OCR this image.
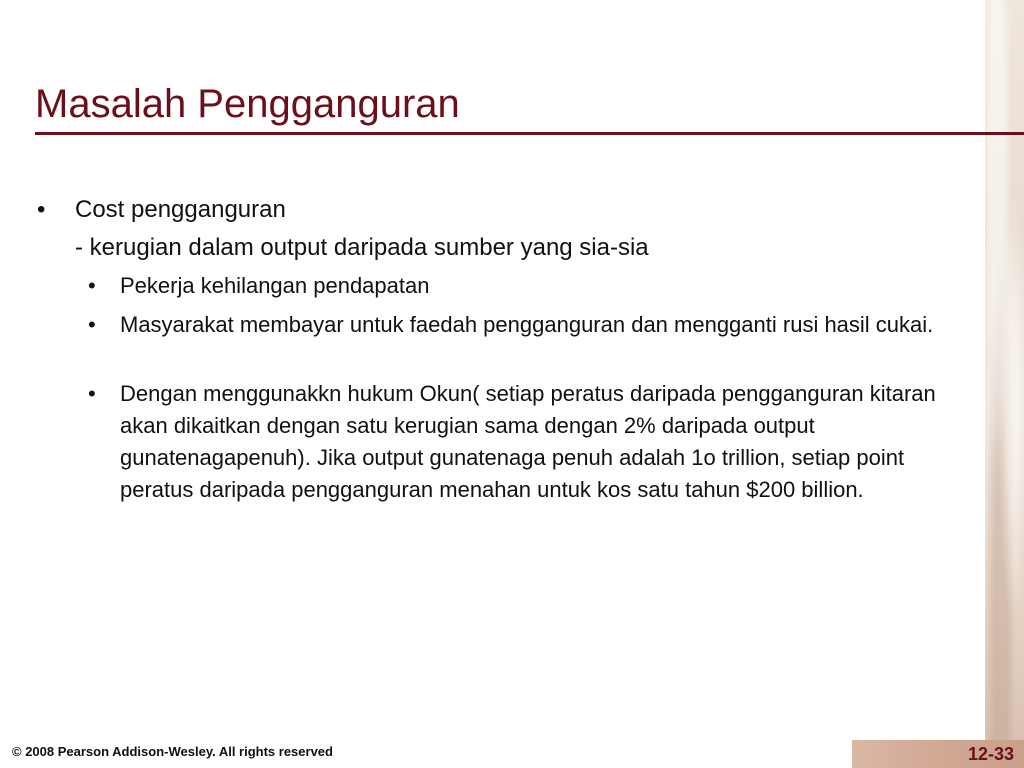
Masalah Pengganguran
• Cost pengganguran
- kerugian dalam output daripada sumber yang sia-sia
• Pekerja kehilangan pendapatan
• Masyarakat membayar untuk faedah pengganguran dan mengganti rusi hasil cukai.
• Dengan menggunakkn hukum Okun( setiap peratus daripada pengganguran kitaran akan dikaitkan dengan satu kerugian sama dengan 2% daripada output gunatenagapenuh). Jika output gunatenaga penuh adalah 1o trillion, setiap point peratus daripada pengganguran menahan untuk kos satu tahun $200 billion.
© 2008 Pearson Addison-Wesley. All rights reserved	12-33
